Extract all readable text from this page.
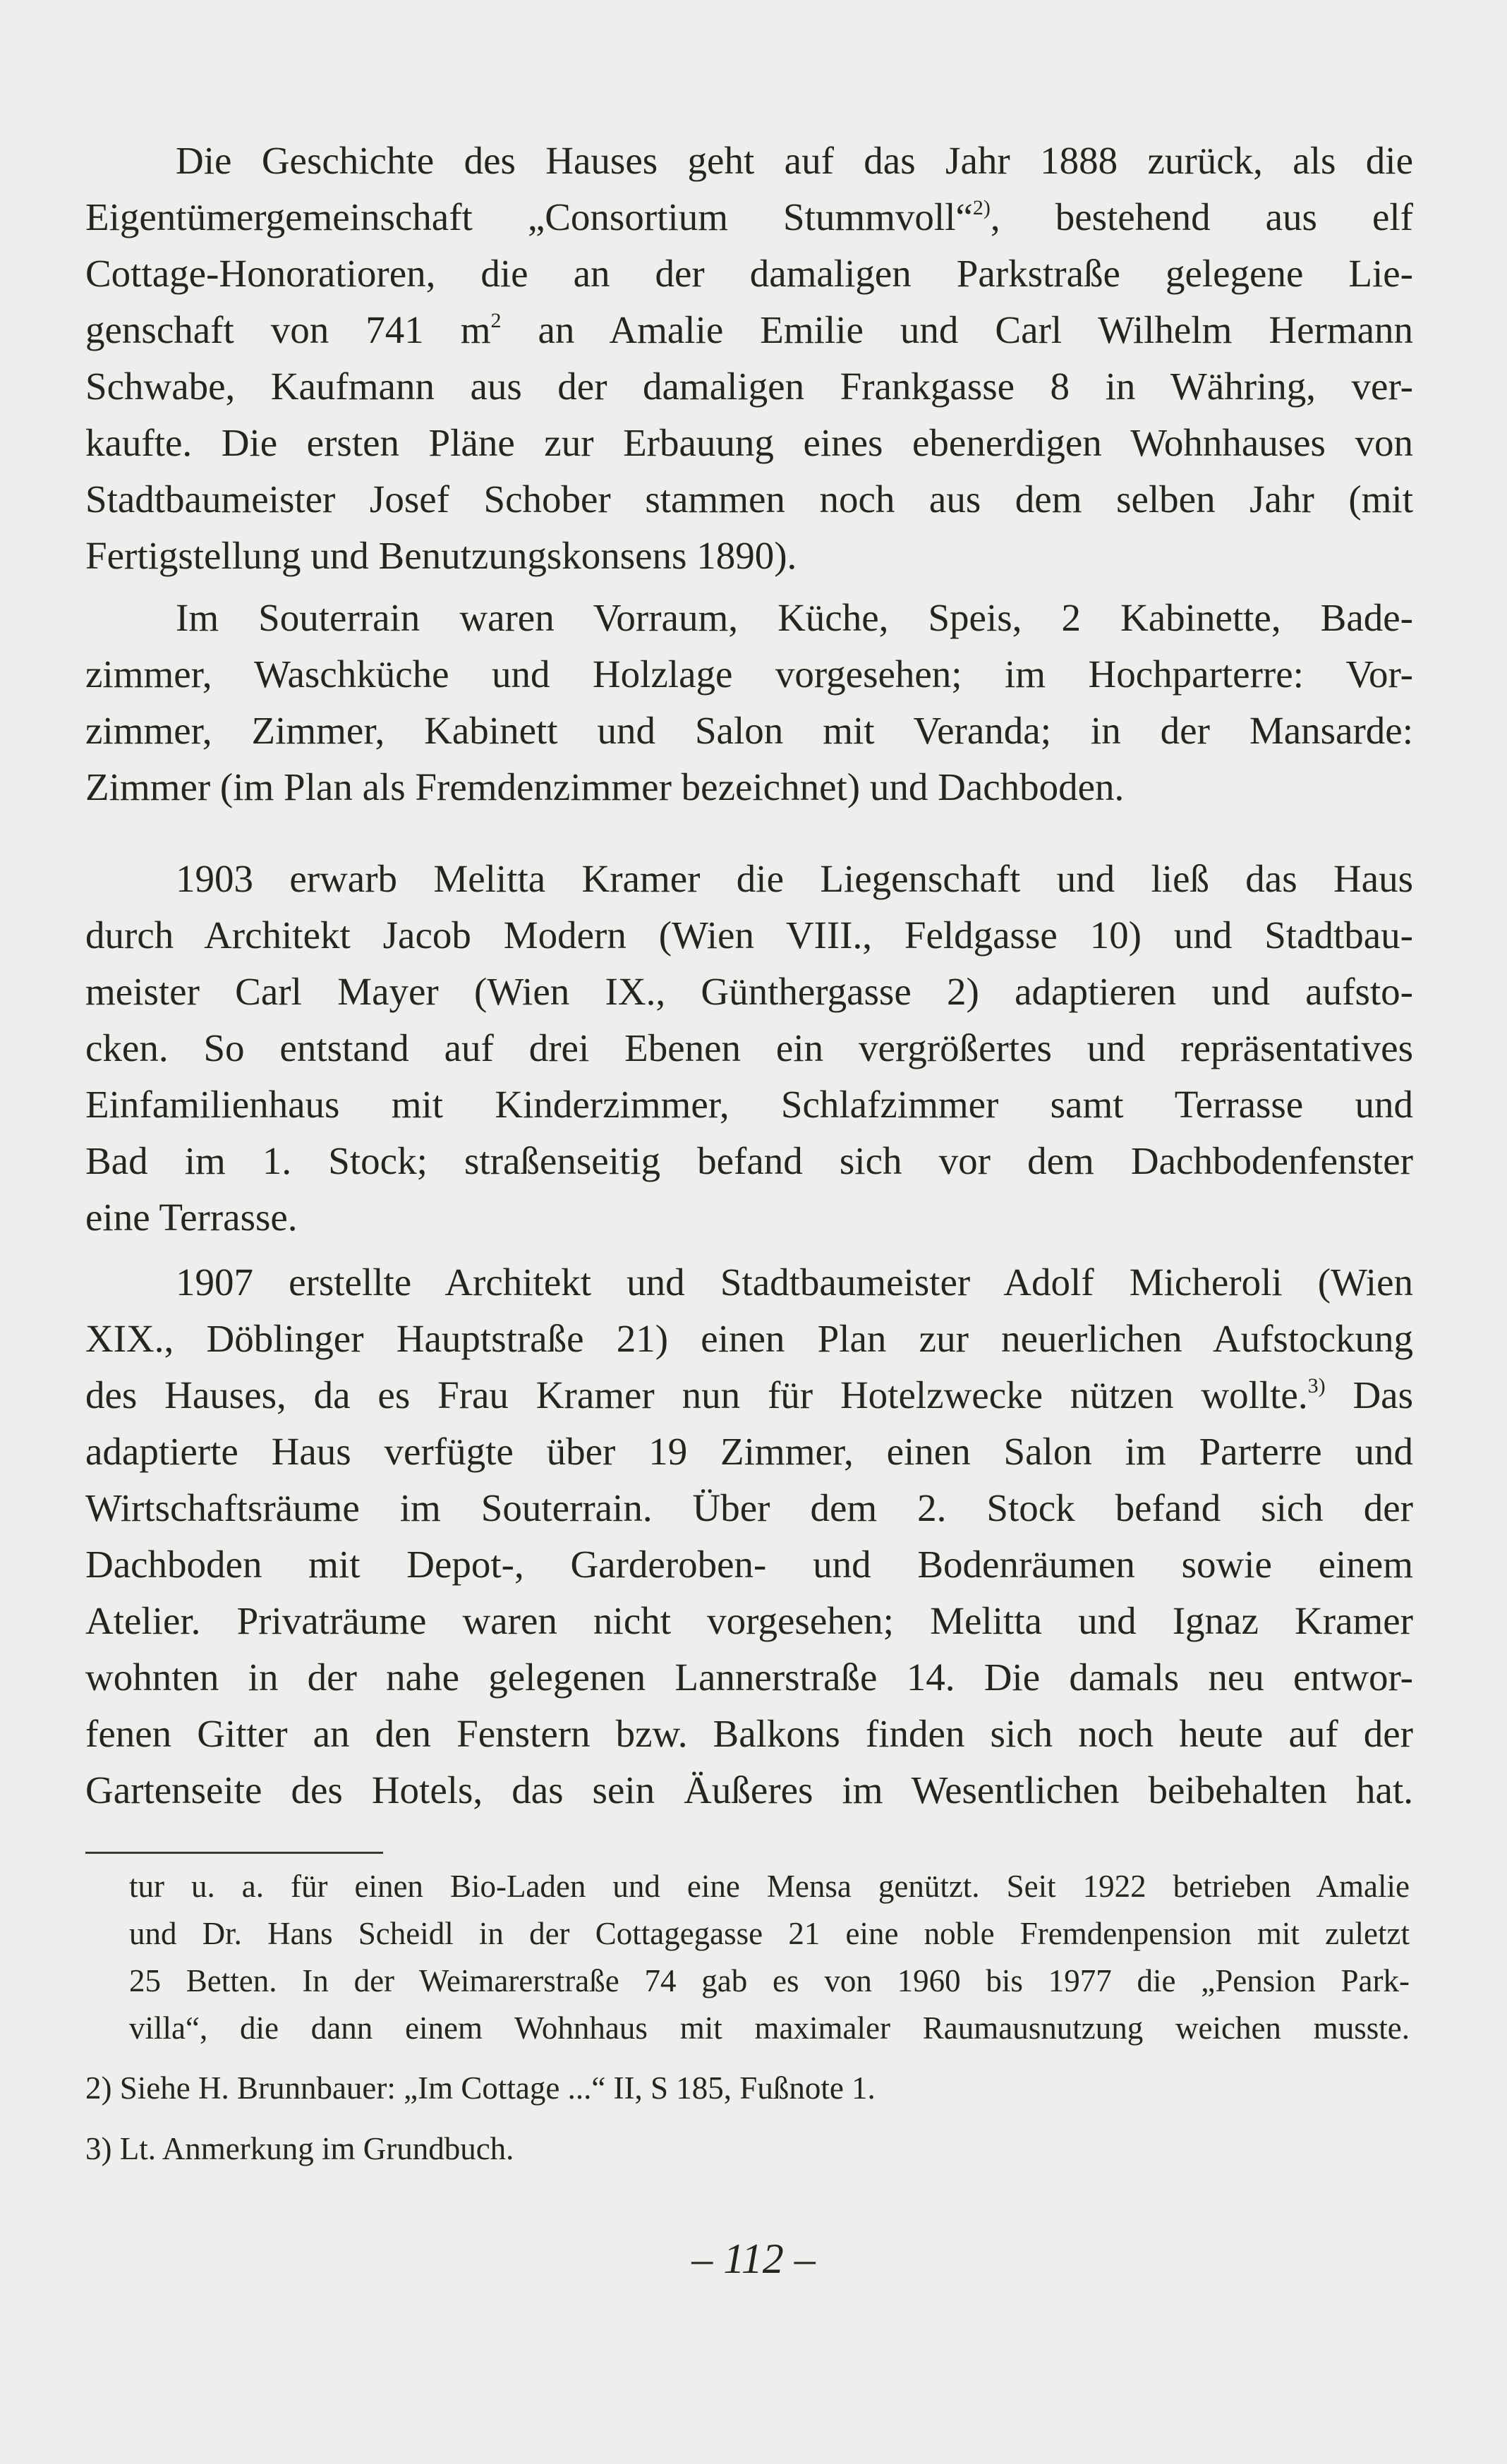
Die Geschichte des Hauses geht auf das Jahr 1888 zurück, als die
Eigentümergemeinschaft „Consortium Stummvoll“$^{2)}$, bestehend aus elf
Cottage-Honoratioren, die an der damaligen Parkstraße gelegene Lie-
genschaft von 741 $m^2$ an Amalie Emilie und Carl Wilhelm Hermann
Schwabe, Kaufmann aus der damaligen Frankgasse 8 in Währing, ver-
kaufte. Die ersten Pläne zur Erbauung eines ebenerdigen Wohnhauses von
Stadtbaumeister Josef Schober stammen noch aus dem selben Jahr (mit
Fertigstellung und Benutzungskonsens 1890).
Im Souterrain waren Vorraum, Küche, Speis, 2 Kabinette, Bade-
zimmer, Waschküche und Holzlage vorgesehen; im Hochparterre: Vor-
zimmer, Zimmer, Kabinett und Salon mit Veranda; in der Mansarde:
Zimmer (im Plan als Fremdenzimmer bezeichnet) und Dachboden.
1903 erwarb Melitta Kramer die Liegenschaft und ließ das Haus
durch Architekt Jacob Modern (Wien VIII., Feldgasse 10) und Stadtbau-
meister Carl Mayer (Wien IX., Günthergasse 2) adaptieren und aufsto-
cken. So entstand auf drei Ebenen ein vergrößertes und repräsentatives
Einfamilienhaus mit Kinderzimmer, Schlafzimmer samt Terrasse und
Bad im 1. Stock; straßenseitig befand sich vor dem Dachbodenfenster
eine Terrasse.
1907 erstellte Architekt und Stadtbaumeister Adolf Micheroli (Wien
XIX., Döblinger Hauptstraße 21) einen Plan zur neuerlichen Aufstockung
des Hauses, da es Frau Kramer nun für Hotelzwecke nützen wollte.$^{3)}$ Das
adaptierte Haus verfügte über 19 Zimmer, einen Salon im Parterre und
Wirtschaftsräume im Souterrain. Über dem 2. Stock befand sich der
Dachboden mit Depot-, Garderoben- und Bodenräumen sowie einem
Atelier. Privaträume waren nicht vorgesehen; Melitta und Ignaz Kramer
wohnten in der nahe gelegenen Lannerstraße 14. Die damals neu entwor-
fenen Gitter an den Fenstern bzw. Balkons finden sich noch heute auf der
Gartenseite des Hotels, das sein Äußeres im Wesentlichen beibehalten hat.
tur u. a. für einen Bio-Laden und eine Mensa genützt. Seit 1922 betrieben Amalie
und Dr. Hans Scheidl in der Cottagegasse 21 eine noble Fremdenpension mit zuletzt
25 Betten. In der Weimarerstraße 74 gab es von 1960 bis 1977 die „Pension Park-
villa“, die dann einem Wohnhaus mit maximaler Raumausnutzung weichen musste.
2) Siehe H. Brunnbauer: „Im Cottage ...“ II, S 185, Fußnote 1.
3) Lt. Anmerkung im Grundbuch.
– 112 –
